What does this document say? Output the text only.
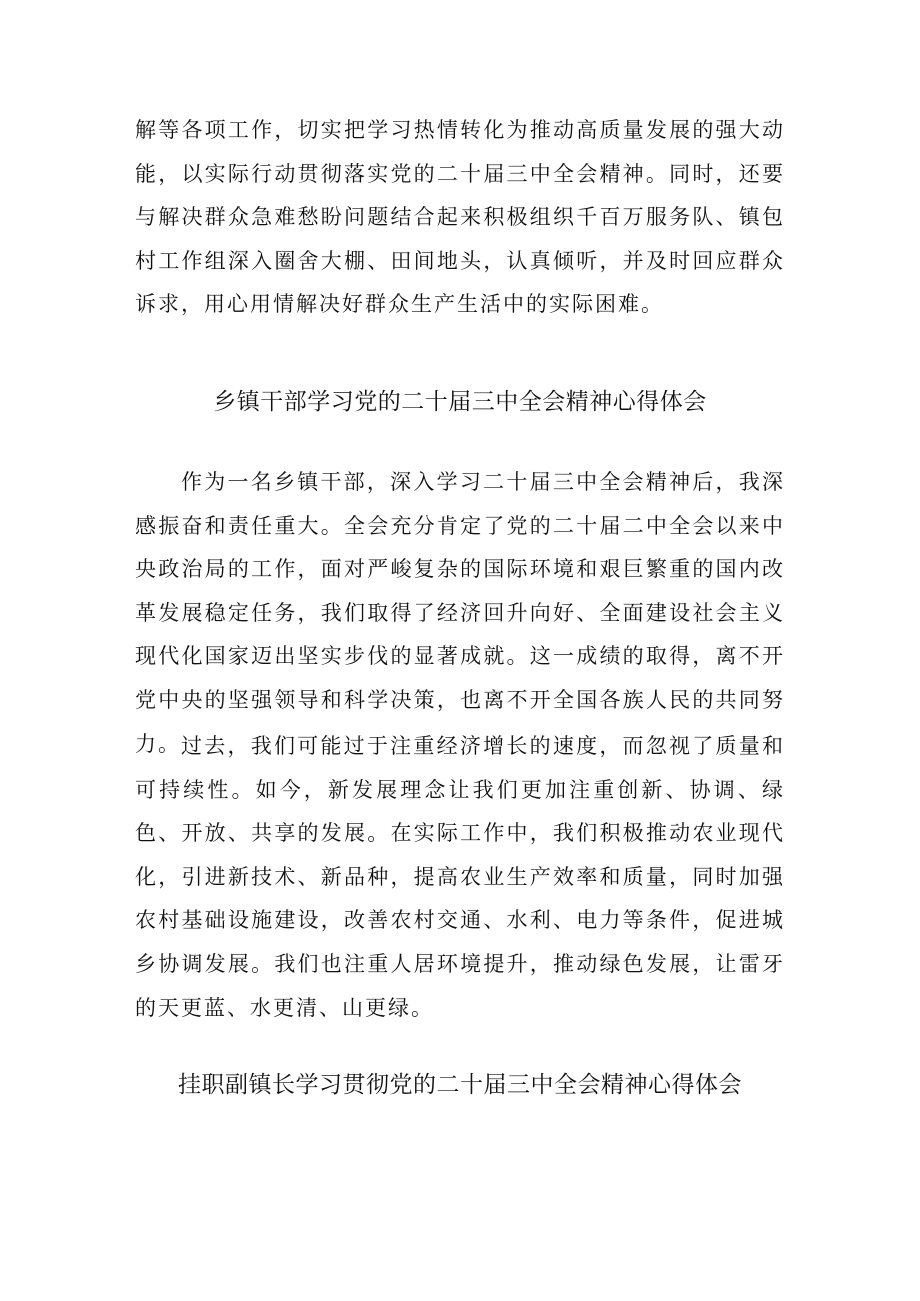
解等各项工作，切实把学习热情转化为推动高质量发展的强大动能，以实际行动贯彻落实党的二十届三中全会精神。同时，还要与解决群众急难愁盼问题结合起来积极组织千百万服务队、镇包村工作组深入圈舍大棚、田间地头，认真倾听，并及时回应群众诉求，用心用情解决好群众生产生活中的实际困难。

乡镇干部学习党的二十届三中全会精神心得体会

作为一名乡镇干部，深入学习二十届三中全会精神后，我深感振奋和责任重大。全会充分肯定了党的二十届二中全会以来中央政治局的工作，面对严峻复杂的国际环境和艰巨繁重的国内改革发展稳定任务，我们取得了经济回升向好、全面建设社会主义现代化国家迈出坚实步伐的显著成就。这一成绩的取得，离不开党中央的坚强领导和科学决策，也离不开全国各族人民的共同努力。 过去，我们可能过于注重经济增长的速度，而忽视了质量和可持续性。如今，新发展理念让我们更加注重创新、协调、绿色、开放、共享的发展。在实际工作中，我们积极推动农业现代化，引进新技术、新品种，提高农业生产效率和质量，同时加强农村基础设施建设，改善农村交通、水利、电力等条件，促进城乡协调发展。我们也注重人居环境提升，推动绿色发展，让雷牙的天更蓝、水更清、山更绿。

挂职副镇长学习贯彻党的二十届三中全会精神心得体会
